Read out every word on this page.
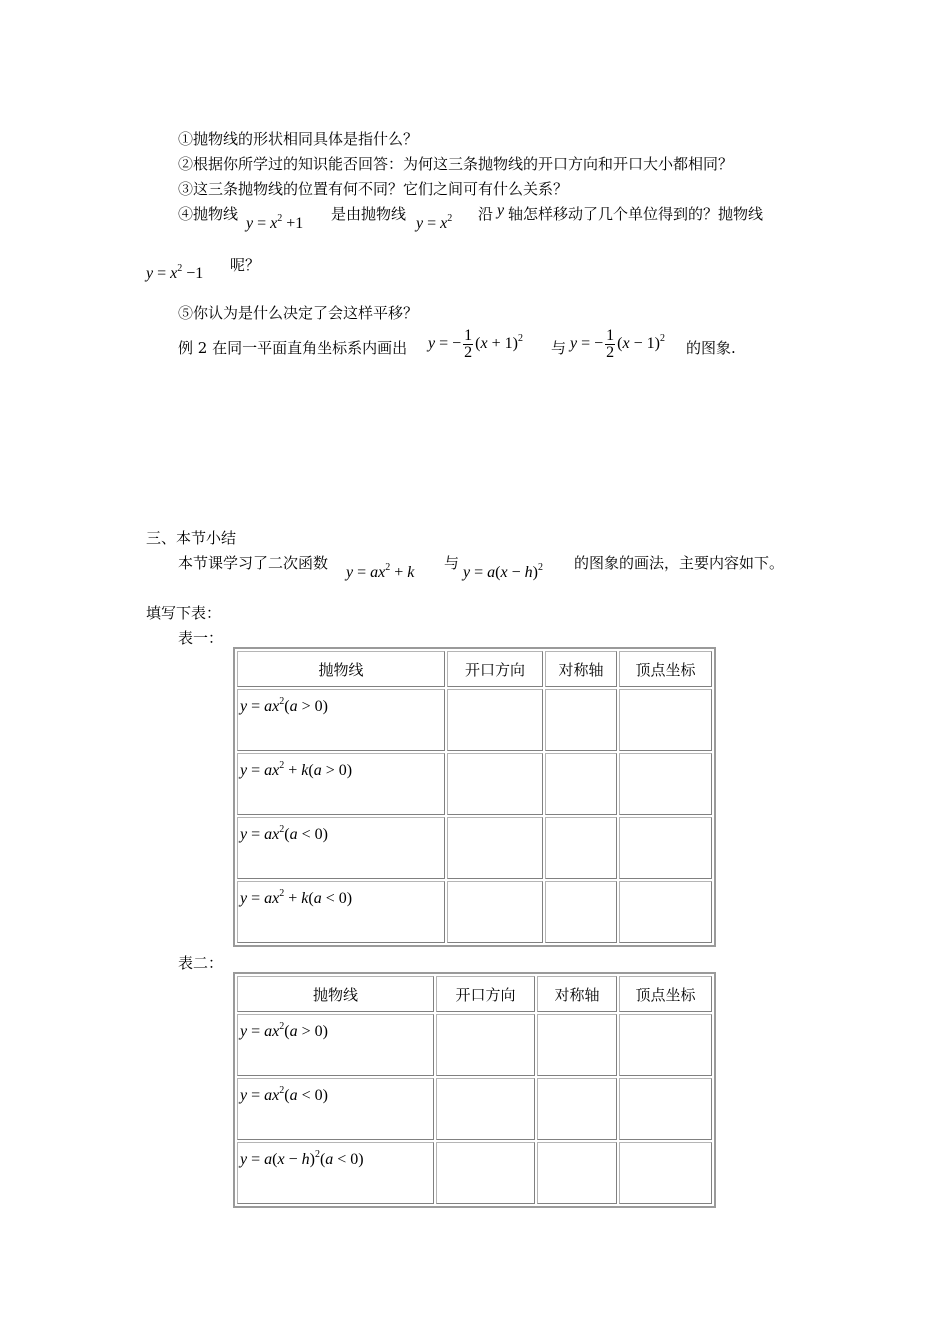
①抛物线的形状相同具体是指什么？
②根据你所学过的知识能否回答：为何这三条抛物线的开口方向和开口大小都相同？
③这三条抛物线的位置有何不同？它们之间可有什么关系？
④抛物线
$y = x^2 +1$
是由抛物线
$y = x^2$ 沿 y 轴怎样移动了几个单位得到的？抛物线
$y = x^2 -1$ 呢？
⑤你认为是什么决定了会这样平移？
例 2 在同一平面直角坐标系内画出 y = − $\frac{1}{2} (x + 1)^2$
与 y = − $\frac{1}{2} (x - 1)^2$
的图象.
三、本节小结
本节课学习了二次函数
$y = ax^2 + k$
与
$y = a(x - h)^2$ 的图象的画法，主要内容如下。
填写下表：
表一：
抛物线	开口方向	对称轴	顶点坐标

$y = ax^2(a > 0)$			

$y = ax^2 + k(a > 0)$			

$y = ax^2(a < 0)$			

$y = ax^2 + k(a < 0)$			

表二：
抛物线	开口方向	对称轴	顶点坐标

$y = ax^2(a > 0)$			

$y = ax^2(a < 0)$			

$y = a(x - h)^2(a < 0)$			
